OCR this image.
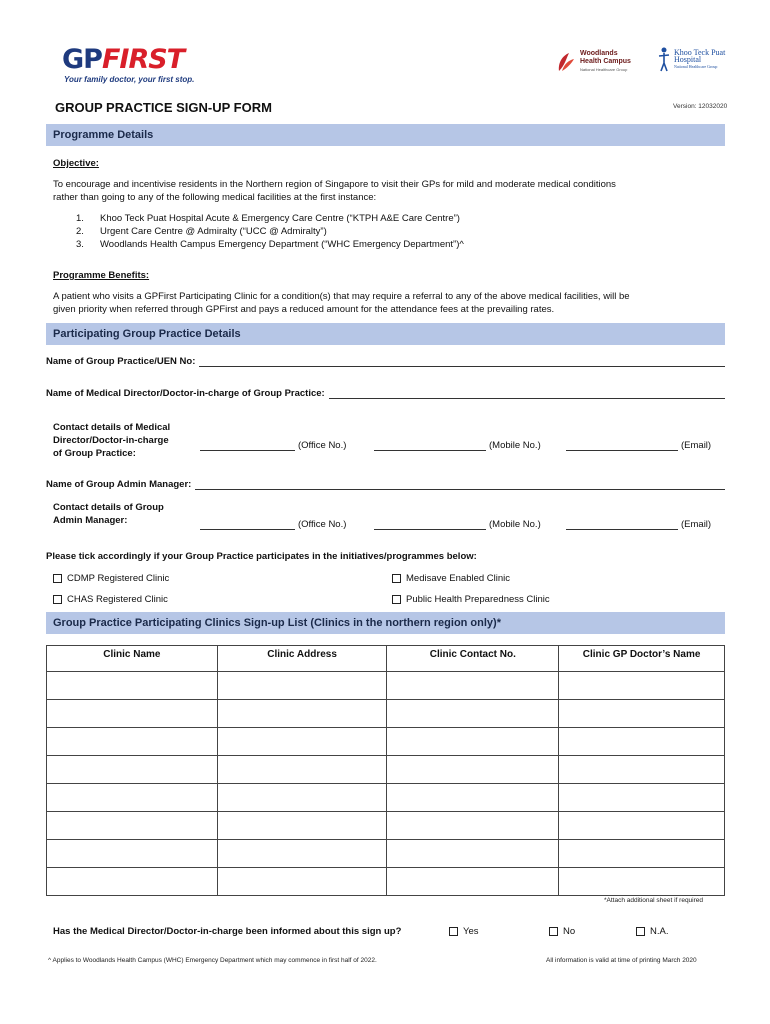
GPFIRST
Your family doctor, your first stop.
Woodlands
Health Campus
National Healthcare Group
Khoo Teck Puat
Hospital
National Healthcare Group
GROUP PRACTICE SIGN-UP FORM	Version: 12032020
Programme Details
Objective:
To encourage and incentivise residents in the Northern region of Singapore to visit their GPs for mild and moderate medical conditions
rather than going to any of the following medical facilities at the first instance:
1.	Khoo Teck Puat Hospital Acute & Emergency Care Centre (“KTPH A&E Care Centre”)
2.	Urgent Care Centre @ Admiralty (“UCC @ Admiralty”)
3.	Woodlands Health Campus Emergency Department (“WHC Emergency Department”)^
Programme Benefits:
A patient who visits a GPFirst Participating Clinic for a condition(s) that may require a referral to any of the above medical facilities, will be
given priority when referred through GPFirst and pays a reduced amount for the attendance fees at the prevailing rates.
Participating Group Practice Details
Name of Group Practice/UEN No:
Name of Medical Director/Doctor-in-charge of Group Practice:
Contact details of Medical
Director/Doctor-in-charge
of Group Practice:
(Office No.)	(Mobile No.)	(Email)
Name of Group Admin Manager:
Contact details of Group
Admin Manager:	(Office No.)	(Mobile No.)	(Email)
Please tick accordingly if your Group Practice participates in the initiatives/programmes below:
CDMP Registered Clinic	Medisave Enabled Clinic
CHAS Registered Clinic	Public Health Preparedness Clinic
Group Practice Participating Clinics Sign-up List (Clinics in the northern region only)*
Clinic Name	Clinic Address	Clinic Contact No.	Clinic GP Doctor’s Name

*Attach additional sheet if required
Has the Medical Director/Doctor-in-charge been informed about this sign up?	Yes	No	N.A.
^ Applies to Woodlands Health Campus (WHC) Emergency Department which may commence in first half of 2022.	All information is valid at time of printing March 2020
